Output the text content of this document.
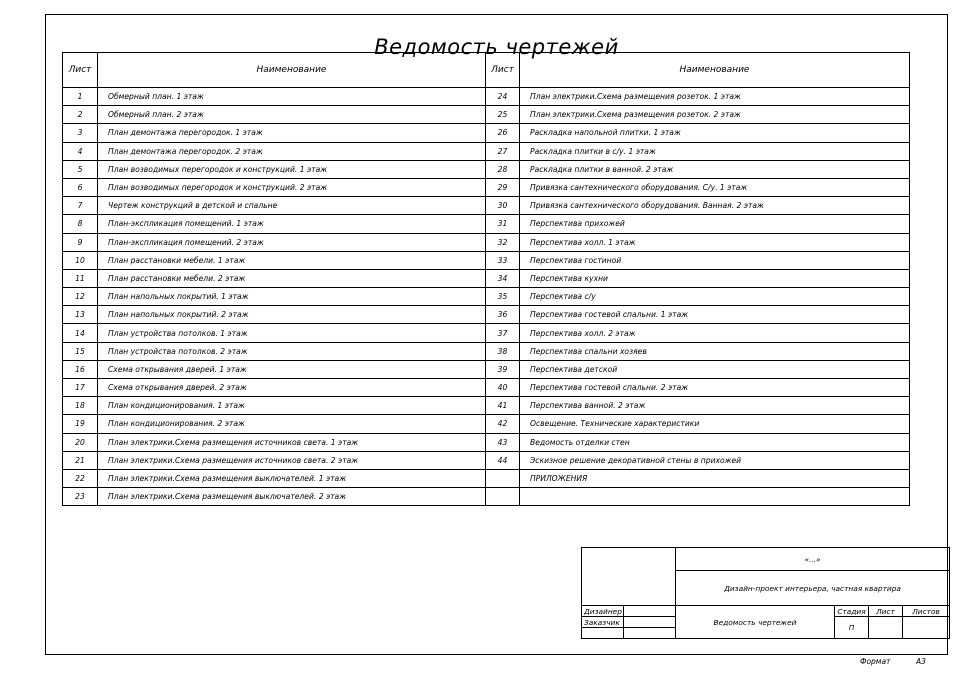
Ведомость чертежей
Лист	Наименование	Лист	Наименование
1	Обмерный план. 1 этаж	24	План электрики.Схема размещения розеток. 1 этаж
2	Обмерный план. 2 этаж	25	План электрики.Схема размещения розеток. 2 этаж
3	План демонтажа перегородок. 1 этаж	26	Раскладка напольной плитки. 1 этаж
4	План демонтажа перегородок. 2 этаж	27	Раскладка плитки в с/у. 1 этаж
5	План возводимых перегородок и конструкций. 1 этаж	28	Раскладка плитки в ванной. 2 этаж
6	План возводимых перегородок и конструкций. 2 этаж	29	Привязка сантехнического оборудования. С/у. 1 этаж
7	Чертеж конструкций в детской и спальне	30	Привязка сантехнического оборудования. Ванная. 2 этаж
8	План-экспликация помещений. 1 этаж	31	Перспектива прихожей
9	План-экспликация помещений. 2 этаж	32	Перспектива холл. 1 этаж
10	План расстановки мебели. 1 этаж	33	Перспектива гостиной
11	План расстановки мебели. 2 этаж	34	Перспектива кухни
12	План напольных покрытий. 1 этаж	35	Перспектива с/у
13	План напольных покрытий. 2 этаж	36	Перспектива гостевой спальни. 1 этаж
14	План устройства потолков. 1 этаж	37	Перспектива холл. 2 этаж
15	План устройства потолков. 2 этаж	38	Перспектива спальни хозяев
16	Схема открывания дверей. 1 этаж	39	Перспектива детской
17	Схема открывания дверей. 2 этаж	40	Перспектива гостевой спальни. 2 этаж
18	План кондиционирования. 1 этаж	41	Перспектива ванной. 2 этаж
19	План кондиционирования. 2 этаж	42	Освещение. Технические характеристики
20	План электрики.Схема размещения источников света. 1 этаж	43	Ведомость отделки стен
21	План электрики.Схема размещения источников света. 2 этаж	44	Эскизное решение декоративной стены в прихожей
22	План электрики.Схема размещения выключателей. 1 этаж		ПРИЛОЖЕНИЯ
23	План электрики.Схема размещения выключателей. 2 этаж		
		«...»			
		Дизайн-проект интерьера, частная квартира			
Дизайнер		Ведомость чертежей	Стадия	Лист	Листов
Заказчик			П		

Формат	А3
